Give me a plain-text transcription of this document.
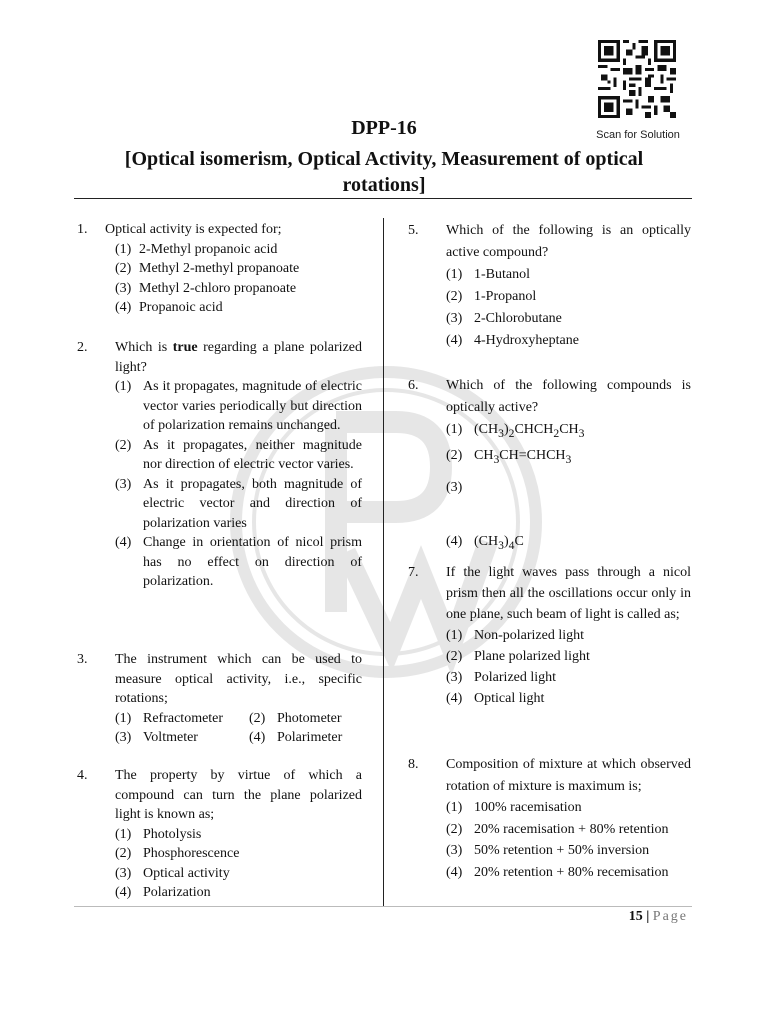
Scan for Solution
DPP-16
[Optical isomerism, Optical Activity, Measurement of optical rotations]
1. Optical activity is expected for;
(1) 2-Methyl propanoic acid
(2) Methyl 2-methyl propanoate
(3) Methyl 2-chloro propanoate
(4) Propanoic acid
2. Which is true regarding a plane polarized light?
(1) As it propagates, magnitude of electric vector varies periodically but direction of polarization remains unchanged.
(2) As it propagates, neither magnitude nor direction of electric vector varies.
(3) As it propagates, both magnitude of electric vector and direction of polarization varies
(4) Change in orientation of nicol prism has no effect on direction of polarization.
3. The instrument which can be used to measure optical activity, i.e., specific rotations;
(1) Refractometer	(2) Photometer
(3) Voltmeter	(4) Polarimeter
4. The property by virtue of which a compound can turn the plane polarized light is known as;
(1) Photolysis
(2) Phosphorescence
(3) Optical activity
(4) Polarization
5. Which of the following is an optically active compound?
(1) 1-Butanol
(2) 1-Propanol
(3) 2-Chlorobutane
(4) 4-Hydroxyheptane
6. Which of the following compounds is optically active?
(1) $(CH_3)_2CHCH_2CH_3$
(2) $CH_3CH=CHCH_3$
(3)
(4) $(CH_3)_4C$
7. If the light waves pass through a nicol prism then all the oscillations occur only in one plane, such beam of light is called as;
(1) Non-polarized light
(2) Plane polarized light
(3) Polarized light
(4) Optical light
8. Composition of mixture at which observed rotation of mixture is maximum is;
(1) 100% racemisation
(2) 20% racemisation + 80% retention
(3) 50% retention + 50% inversion
(4) 20% retention + 80% recemisation
15 | Page
